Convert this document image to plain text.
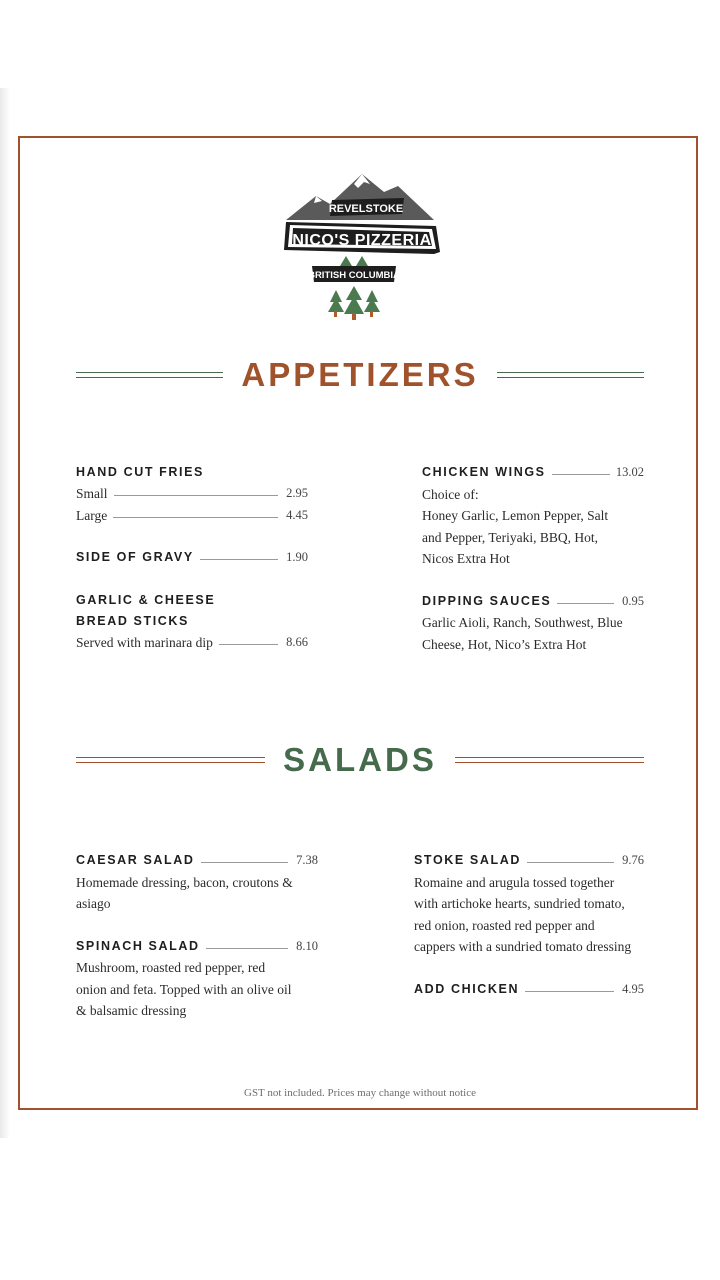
REVELSTOKE
NICO'S PIZZERIA
BRITISH COLUMBIA
APPETIZERS
HAND CUT FRIES
Small	2.95
Large	4.45
SIDE OF GRAVY	1.90
GARLIC & CHEESE
BREAD STICKS
Served with marinara dip	8.66
CHICKEN WINGS	13.02
Choice of:
Honey Garlic, Lemon Pepper, Salt
and Pepper, Teriyaki, BBQ, Hot,
Nicos Extra Hot
DIPPING SAUCES	0.95
Garlic Aioli, Ranch, Southwest, Blue
Cheese, Hot, Nico’s Extra Hot
SALADS
CAESAR SALAD	7.38
Homemade dressing, bacon, croutons &
asiago
SPINACH SALAD	8.10
Mushroom, roasted red pepper, red
onion and feta. Topped with an olive oil
& balsamic dressing
STOKE SALAD	9.76
Romaine and arugula tossed together
with artichoke hearts, sundried tomato,
red onion, roasted red pepper and
cappers with a sundried tomato dressing
ADD CHICKEN	4.95
GST not included. Prices may change without notice
